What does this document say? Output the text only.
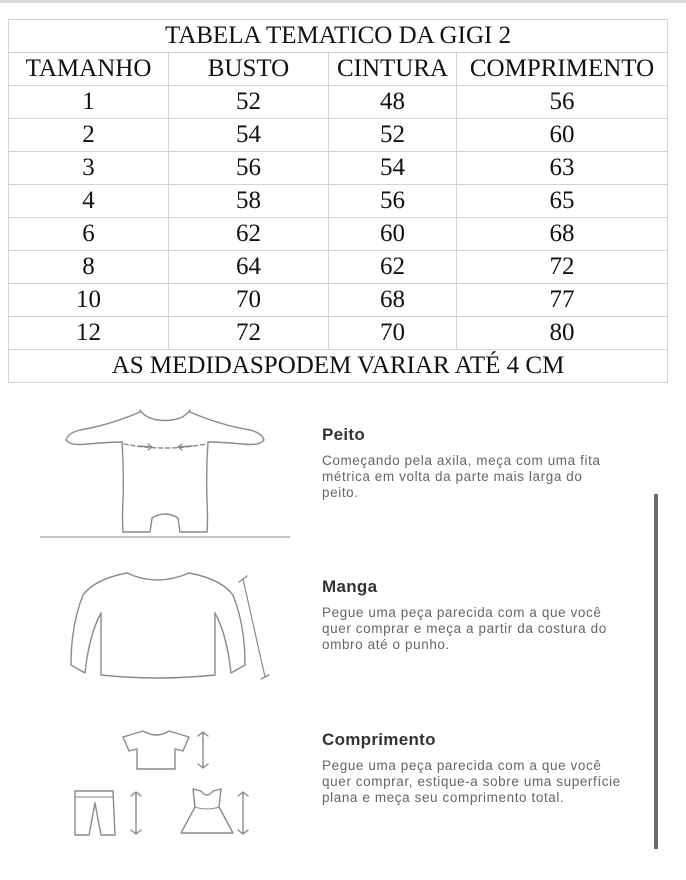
TABELA TEMATICO DA GIGI 2			
TAMANHO	BUSTO	CINTURA	COMPRIMENTO
1	52	48	56
2	54	52	60
3	56	54	63
4	58	56	65
6	62	60	68
8	64	62	72
10	70	68	77
12	72	70	80
AS MEDIDASPODEM VARIAR ATÉ 4 CM			
Peito

Começando pela axila, meça com uma fita métrica em volta da parte mais larga do peito.

Manga

Pegue uma peça parecida com a que você quer comprar e meça a partir da costura do ombro até o punho.

Comprimento

Pegue uma peça parecida com a que você quer comprar, estique-a sobre uma superfície plana e meça seu comprimento total.
